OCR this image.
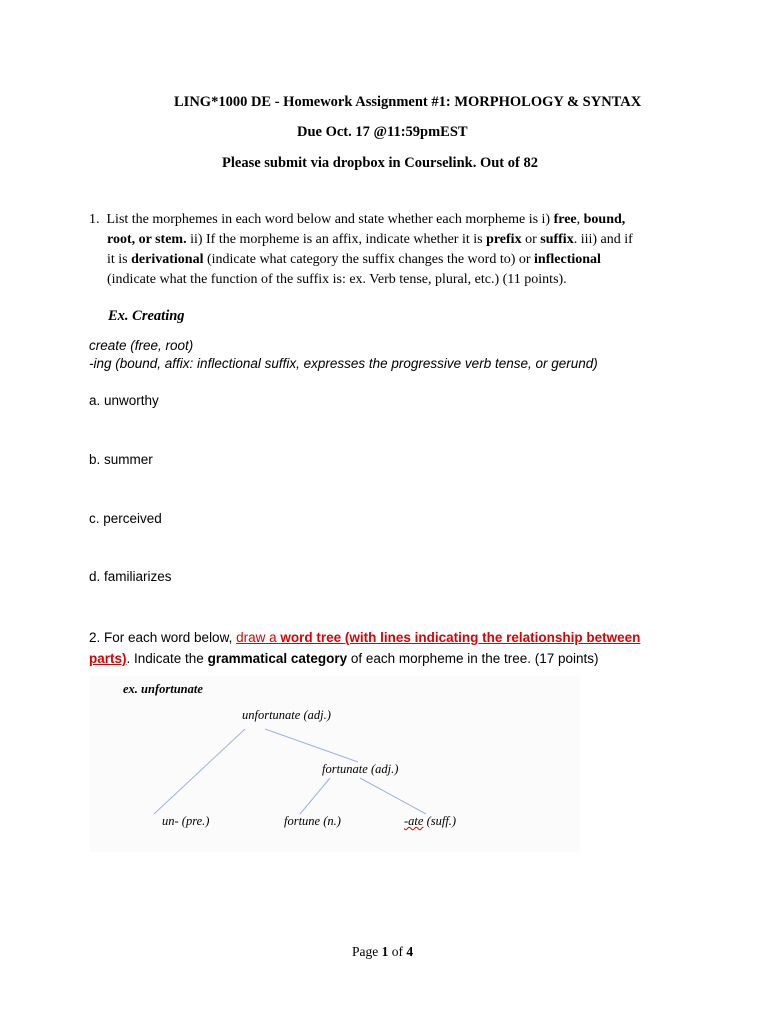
LING*1000 DE - Homework Assignment #1: MORPHOLOGY & SYNTAX
Due Oct. 17 @11:59pmEST
Please submit via dropbox in Courselink. Out of 82
1. List the morphemes in each word below and state whether each morpheme is i) free, bound,
root, or stem. ii) If the morpheme is an affix, indicate whether it is prefix or suffix. iii) and if
it is derivational (indicate what category the suffix changes the word to) or inflectional
(indicate what the function of the suffix is: ex. Verb tense, plural, etc.) (11 points).
Ex. Creating
create (free, root)
-ing (bound, affix: inflectional suffix, expresses the progressive verb tense, or gerund)
a. unworthy
b. summer
c. perceived
d. familiarizes
2. For each word below, draw a word tree (with lines indicating the relationship between
parts). Indicate the grammatical category of each morpheme in the tree. (17 points)
ex. unfortunate
unfortunate (adj.)
fortunate (adj.)
un- (pre.)	fortune (n.)	-ate (suff.)
Page 1 of 4
